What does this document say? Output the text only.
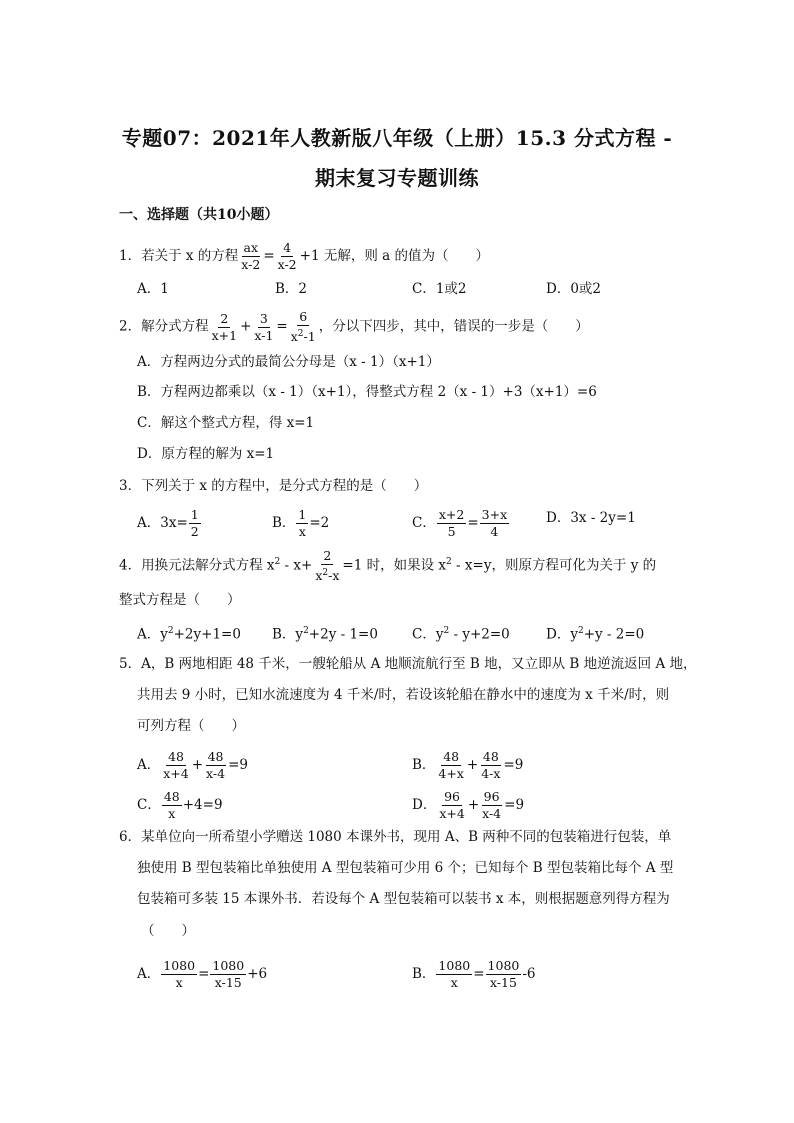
专题07：2021年人教新版八年级（上册）15.3 分式方程 -
期末复习专题训练
一、选择题（共10小题）
1．若关于 x 的方程 $\frac{ax}{x-2} = \frac{4}{x-2} +1$ 无解，则 a 的值为（　　）
A．1	B．2	C．1或2	D．0或2
2．解分式方程 $\frac{2}{x+1} + \frac{3}{x-1} = \frac{6}{x^2-1}$ ，分以下四步，其中，错误的一步是（　　）
A．方程两边分式的最简公分母是（x - 1）（x+1）
B．方程两边都乘以（x - 1）（x+1），得整式方程 2（x - 1）+3（x+1）=6
C．解这个整式方程，得 x=1
D．原方程的解为 x=1
3．下列关于 x 的方程中，是分式方程的是（　　）
A．$3x= \frac{1}{2}$	B． $\frac{1}{x} =2$	C． $\frac{x+2}{5} = \frac{3+x}{4}$	D．3x - 2y=1
4．用换元法解分式方程 $x^2 - x+ \frac{2}{x^2-x} =1$ 时，如果设 $x^2 - x=y$，则原方程可化为关于 y 的
整式方程是（　　）
A．$y^2+2y+1=0$ B．$y^2+2y - 1=0$	C．$y^2 - y+2=0$	D．$y^2+y - 2=0$
5．A，B 两地相距 48 千米，一艘轮船从 A 地顺流航行至 B 地，又立即从 B 地逆流返回 A 地，
共用去 9 小时，已知水流速度为 4 千米/时，若设该轮船在静水中的速度为 x 千米/时，则
可列方程（　　）
A． $\frac{48}{x+4} + \frac{48}{x-4} =9$	B． $\frac{48}{4+x} + \frac{48}{4-x} =9$
C． $\frac{48}{x} +4=9$	D． $\frac{96}{x+4} + \frac{96}{x-4} =9$
6．某单位向一所希望小学赠送 1080 本课外书，现用 A、B 两种不同的包装箱进行包装，单
独使用 B 型包装箱比单独使用 A 型包装箱可少用 6 个；已知每个 B 型包装箱比每个 A 型
包装箱可多装 15 本课外书．若设每个 A 型包装箱可以装书 x 本，则根据题意列得方程为
（　　）
A． $\frac{1080}{x} = \frac{1080}{x-15} +6$	B． $\frac{1080}{x} = \frac{1080}{x-15} -6$
